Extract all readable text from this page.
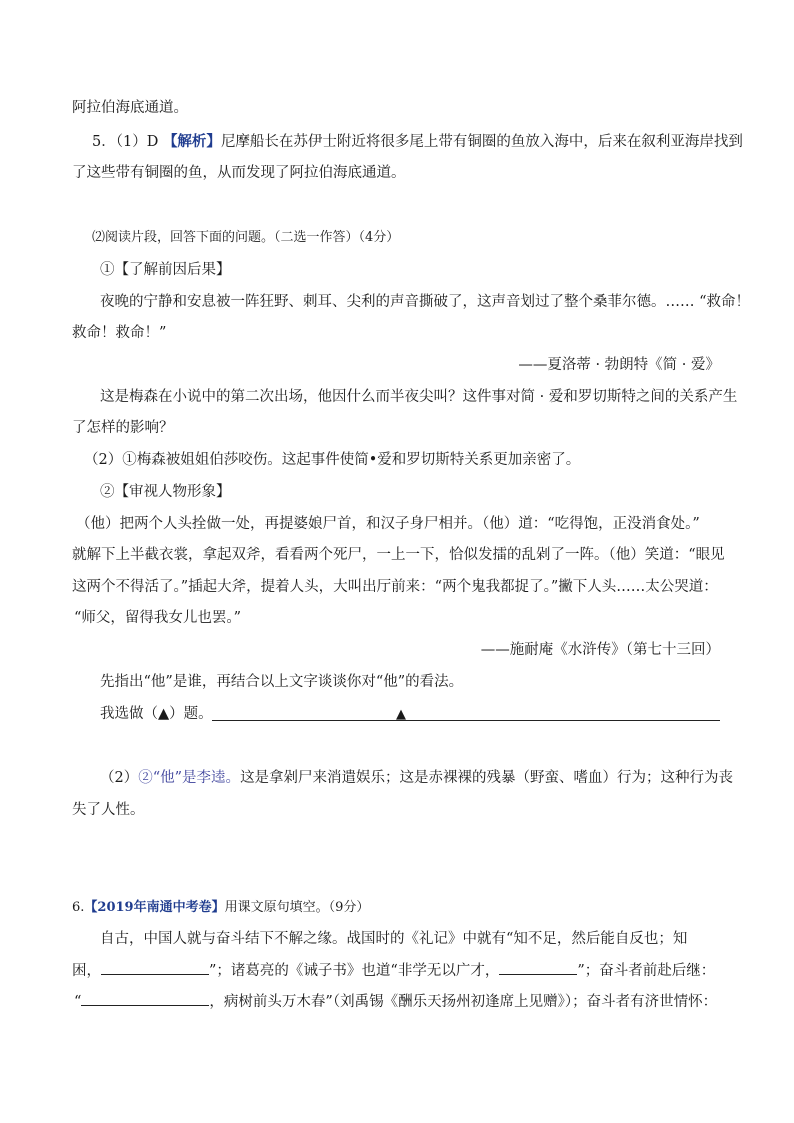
阿拉伯海底通道。
5．（1）D 【解析】尼摩船长在苏伊士附近将很多尾上带有铜圈的鱼放入海中，后来在叙利亚海岸找到
了这些带有铜圈的鱼，从而发现了阿拉伯海底通道。
⑵阅读片段，回答下面的问题。（二选一作答）（4分）
①【了解前因后果】
夜晚的宁静和安息被一阵狂野、刺耳、尖利的声音撕破了，这声音划过了整个桑菲尔德。…… “救命！
救命！救命！”
——夏洛蒂 · 勃朗特《简 · 爱》
这是梅森在小说中的第二次出场，他因什么而半夜尖叫？这件事对简 · 爱和罗切斯特之间的关系产生
了怎样的影响？
（2）①梅森被姐姐伯莎咬伤。这起事件使简•爱和罗切斯特关系更加亲密了。
②【审视人物形象】
（他）把两个人头拴做一处，再提婆娘尸首，和汉子身尸相并。（他）道：“吃得饱，正没消食处。”
就解下上半截衣裳，拿起双斧，看看两个死尸，一上一下，恰似发擂的乱剁了一阵。（他）笑道：“眼见
这两个不得活了。”插起大斧，提着人头，大叫出厅前来：“两个鬼我都捉了。”撇下人头……太公哭道：
“师父，留得我女儿也罢。”
——施耐庵《水浒传》（第七十三回）
先指出“他”是谁，再结合以上文字谈谈你对“他”的看法。
我选做（▲）题。	▲
（2）②“他”是李逵。这是拿剁尸来消遣娱乐；这是赤裸裸的残暴（野蛮、嗜血）行为；这种行为丧
失了人性。
6.【2019年南通中考卷】用课文原句填空。（9分）
自古，中国人就与奋斗结下不解之缘。战国时的《礼记》中就有“知不足，然后能自反也；知
困，	”；诸葛亮的《诫子书》也道“非学无以广才，	”；奋斗者前赴后继：
“	，病树前头万木春”（刘禹锡《酬乐天扬州初逢席上见赠》）；奋斗者有济世情怀：
